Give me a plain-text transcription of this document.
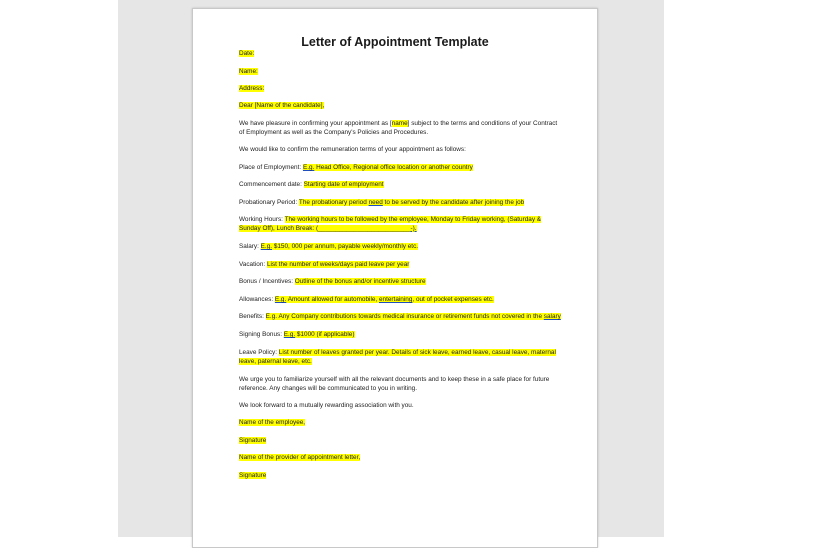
Letter of Appointment Template

Date:

Name:

Address:

Dear [Name of the candidate],

We have pleasure in confirming your appointment as [name] subject to the terms and conditions of your Contract of Employment as well as the Company's Policies and Procedures.

We would like to confirm the remuneration terms of your appointment as follows:

Place of Employment: E.g. Head Office, Regional office location or another country

Commencement date: Starting date of employment

Probationary Period: The probationary period need to be served by the candidate after joining the job

Working Hours: The working hours to be followed by the employee, Monday to Friday working, (Saturday & Sunday Off), Lunch Break: (__________________________-).

Salary: E.g. $150, 000 per annum, payable weekly/monthly etc.

Vacation: List the number of weeks/days paid leave per year

Bonus / Incentives: Outline of the bonus and/or incentive structure

Allowances: E.g. Amount allowed for automobile, entertaining, out of pocket expenses etc.

Benefits: E.g. Any Company contributions towards medical insurance or retirement funds not covered in the salary

Signing Bonus: E.g. $1000 (if applicable)

Leave Policy: List number of leaves granted per year. Details of sick leave, earned leave, casual leave, maternal leave, paternal leave, etc.

We urge you to familiarize yourself with all the relevant documents and to keep these in a safe place for future reference. Any changes will be communicated to you in writing.

We look forward to a mutually rewarding association with you.

Name of the employee,

Signature

Name of the provider of appointment letter,

Signature
